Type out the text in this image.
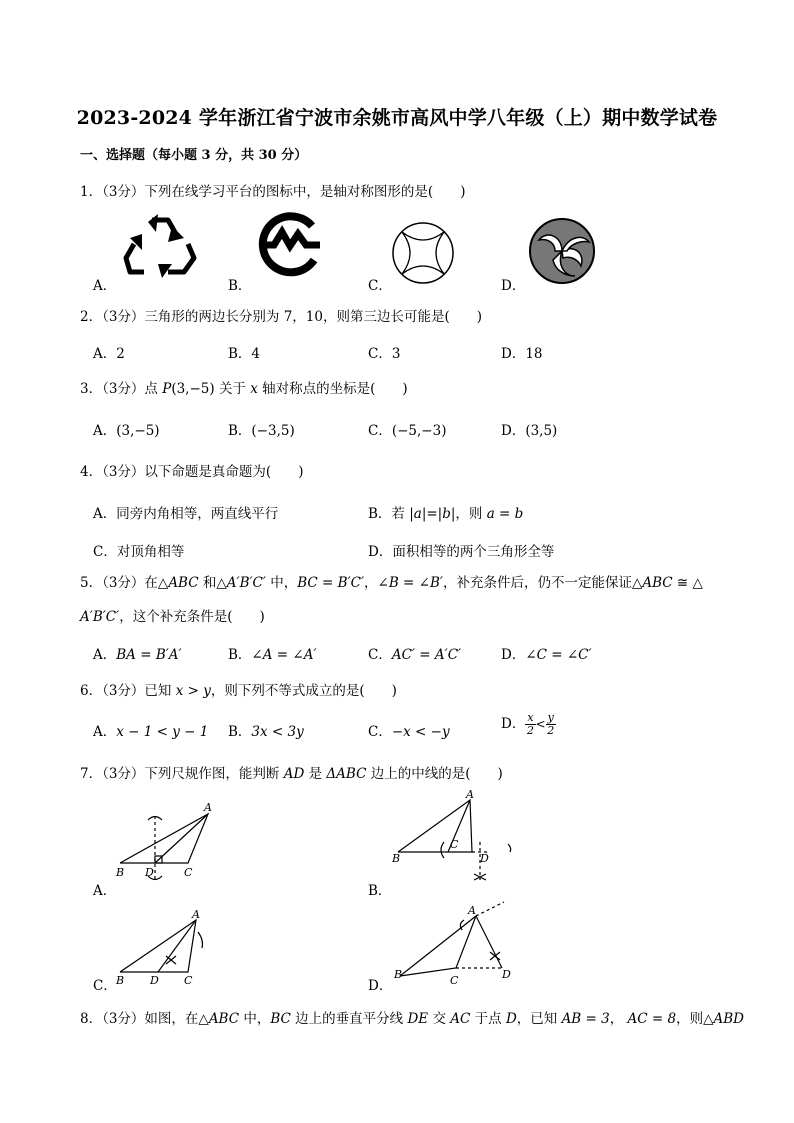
2023-2024 学年浙江省宁波市余姚市高风中学八年级（上）期中数学试卷
一、选择题（每小题 3 分，共 30 分）
1．（3分）下列在线学习平台的图标中，是轴对称图形的是(　　)
A．	B．	C．	D．
2．（3分）三角形的两边长分别为 7，10，则第三边长可能是(　　)
A．2	B．4	C．3	D．18
3．（3分）点 P(3,−5) 关于 x 轴对称点的坐标是(　　)
A．(3,−5)	B．(−3,5)	C．(−5,−3)	D．(3,5)
4．（3分）以下命题是真命题为(　　)
A．同旁内角相等，两直线平行	B．若 |a|=|b|，则 a = b
C．对顶角相等	D．面积相等的两个三角形全等
5．（3分）在△ABC 和△A′B′C′ 中，BC = B′C′，∠B = ∠B′，补充条件后，仍不一定能保证△ABC ≅ △
A′B′C′，这个补充条件是(　　)
A．BA = B′A′	B．∠A = ∠A′	C．AC′ = A′C′	D．∠C = ∠C′
6．（3分）已知 x > y，则下列不等式成立的是(　　)
A．x − 1 < y − 1 B．3x < 3y	C．−x < −y	D． $\frac{x}{2} < \frac{y}{2}$
7．（3分）下列尺规作图，能判断 AD 是 ΔABC 边上的中线的是(　　)
A
B D	C
A．
A
B
C
D
B．
A
B D C
C．
A
B	C	D
D．
8．（3分）如图，在△ABC 中，BC 边上的垂直平分线 DE 交 AC 于点 D，已知 AB = 3， AC = 8，则△ABD
